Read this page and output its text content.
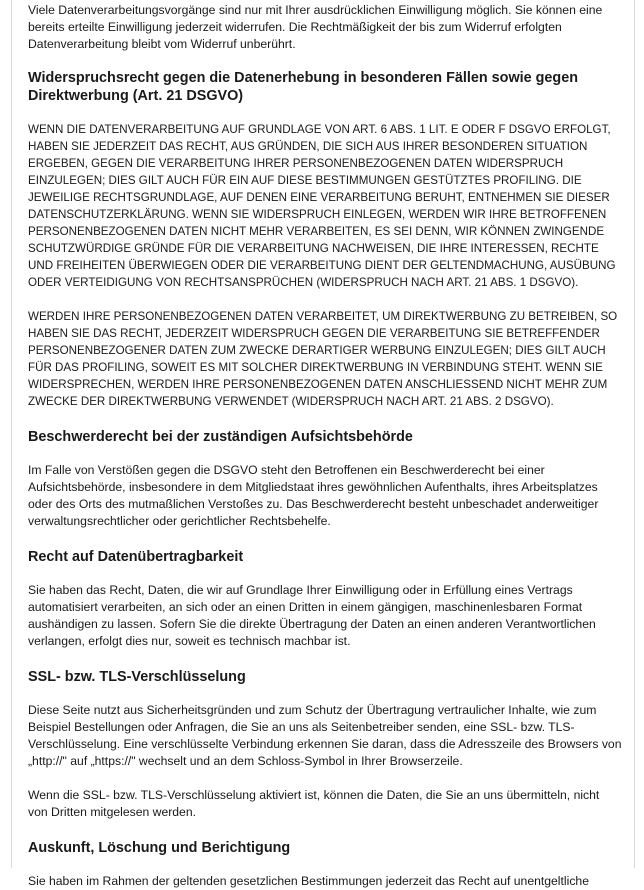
Viele Datenverarbeitungsvorgänge sind nur mit Ihrer ausdrücklichen Einwilligung möglich. Sie können eine bereits erteilte Einwilligung jederzeit widerrufen. Die Rechtmäßigkeit der bis zum Widerruf erfolgten Datenverarbeitung bleibt vom Widerruf unberührt.

Widerspruchsrecht gegen die Datenerhebung in besonderen Fällen sowie gegen Direktwerbung (Art. 21 DSGVO)

WENN DIE DATENVERARBEITUNG AUF GRUNDLAGE VON ART. 6 ABS. 1 LIT. E ODER F DSGVO ERFOLGT, HABEN SIE JEDERZEIT DAS RECHT, AUS GRÜNDEN, DIE SICH AUS IHRER BESONDEREN SITUATION ERGEBEN, GEGEN DIE VERARBEITUNG IHRER PERSONENBEZOGENEN DATEN WIDERSPRUCH EINZULEGEN; DIES GILT AUCH FÜR EIN AUF DIESE BESTIMMUNGEN GESTÜTZTES PROFILING. DIE JEWEILIGE RECHTSGRUNDLAGE, AUF DENEN EINE VERARBEITUNG BERUHT, ENTNEHMEN SIE DIESER DATENSCHUTZERKLÄRUNG. WENN SIE WIDERSPRUCH EINLEGEN, WERDEN WIR IHRE BETROFFENEN PERSONENBEZOGENEN DATEN NICHT MEHR VERARBEITEN, ES SEI DENN, WIR KÖNNEN ZWINGENDE SCHUTZWÜRDIGE GRÜNDE FÜR DIE VERARBEITUNG NACHWEISEN, DIE IHRE INTERESSEN, RECHTE UND FREIHEITEN ÜBERWIEGEN ODER DIE VERARBEITUNG DIENT DER GELTENDMACHUNG, AUSÜBUNG ODER VERTEIDIGUNG VON RECHTSANSPRÜCHEN (WIDERSPRUCH NACH ART. 21 ABS. 1 DSGVO).

WERDEN IHRE PERSONENBEZOGENEN DATEN VERARBEITET, UM DIREKTWERBUNG ZU BETREIBEN, SO HABEN SIE DAS RECHT, JEDERZEIT WIDERSPRUCH GEGEN DIE VERARBEITUNG SIE BETREFFENDER PERSONENBEZOGENER DATEN ZUM ZWECKE DERARTIGER WERBUNG EINZULEGEN; DIES GILT AUCH FÜR DAS PROFILING, SOWEIT ES MIT SOLCHER DIREKTWERBUNG IN VERBINDUNG STEHT. WENN SIE WIDERSPRECHEN, WERDEN IHRE PERSONENBEZOGENEN DATEN ANSCHLIESSEND NICHT MEHR ZUM ZWECKE DER DIREKTWERBUNG VERWENDET (WIDERSPRUCH NACH ART. 21 ABS. 2 DSGVO).

Beschwerderecht bei der zuständigen Aufsichtsbehörde

Im Falle von Verstößen gegen die DSGVO steht den Betroffenen ein Beschwerderecht bei einer Aufsichtsbehörde, insbesondere in dem Mitgliedstaat ihres gewöhnlichen Aufenthalts, ihres Arbeitsplatzes oder des Orts des mutmaßlichen Verstoßes zu. Das Beschwerderecht besteht unbeschadet anderweitiger verwaltungsrechtlicher oder gerichtlicher Rechtsbehelfe.

Recht auf Datenübertragbarkeit

Sie haben das Recht, Daten, die wir auf Grundlage Ihrer Einwilligung oder in Erfüllung eines Vertrags automatisiert verarbeiten, an sich oder an einen Dritten in einem gängigen, maschinenlesbaren Format aushändigen zu lassen. Sofern Sie die direkte Übertragung der Daten an einen anderen Verantwortlichen verlangen, erfolgt dies nur, soweit es technisch machbar ist.

SSL- bzw. TLS-Verschlüsselung

Diese Seite nutzt aus Sicherheitsgründen und zum Schutz der Übertragung vertraulicher Inhalte, wie zum Beispiel Bestellungen oder Anfragen, die Sie an uns als Seitenbetreiber senden, eine SSL- bzw. TLS-Verschlüsselung. Eine verschlüsselte Verbindung erkennen Sie daran, dass die Adresszeile des Browsers von „http://" auf „https://" wechselt und an dem Schloss-Symbol in Ihrer Browserzeile.

Wenn die SSL- bzw. TLS-Verschlüsselung aktiviert ist, können die Daten, die Sie an uns übermitteln, nicht von Dritten mitgelesen werden.

Auskunft, Löschung und Berichtigung

Sie haben im Rahmen der geltenden gesetzlichen Bestimmungen jederzeit das Recht auf unentgeltliche
